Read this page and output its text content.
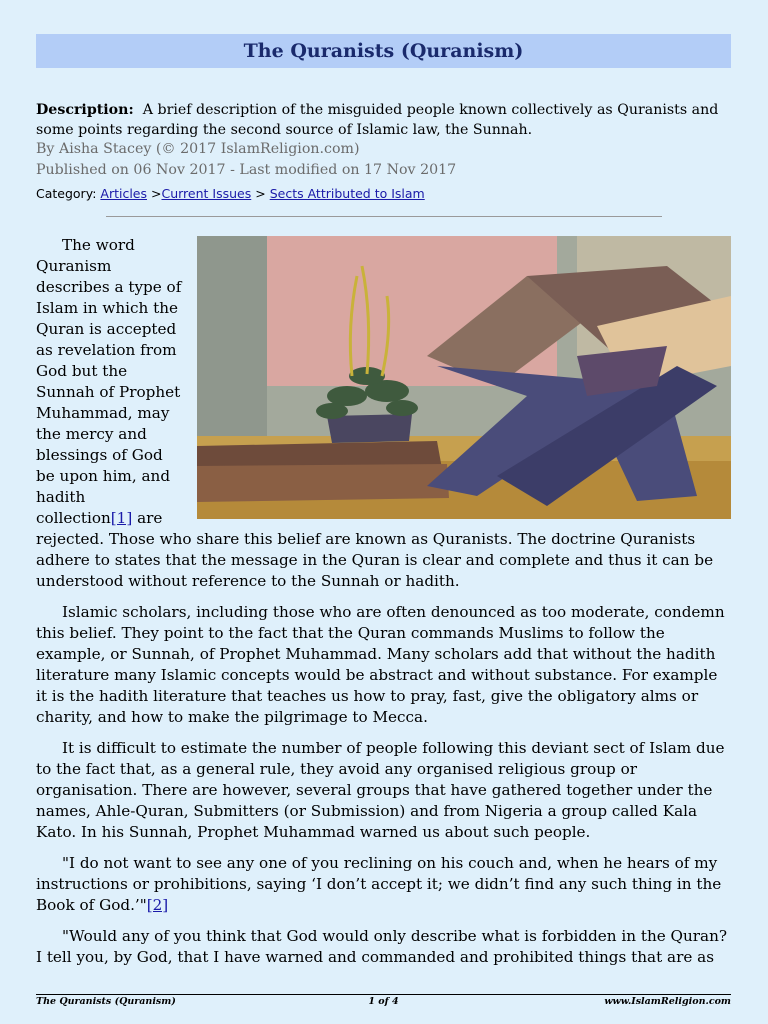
The Quranists (Quranism)
Description: A brief description of the misguided people known collectively as Quranists and some points regarding the second source of Islamic law, the Sunnah.
By Aisha Stacey (© 2017 IslamReligion.com)
Published on 06 Nov 2017 - Last modified on 17 Nov 2017
Category: Articles >Current Issues > Sects Attributed to Islam

The word Quranism describes a type of Islam in which the Quran is accepted as revelation from God but the Sunnah of Prophet Muhammad, may the mercy and blessings of God be upon him, and hadith collection[1] are rejected. Those who share this belief are known as Quranists. The doctrine Quranists adhere to states that the message in the Quran is clear and complete and thus it can be understood without reference to the Sunnah or hadith.

Islamic scholars, including those who are often denounced as too moderate, condemn this belief. They point to the fact that the Quran commands Muslims to follow the example, or Sunnah, of Prophet Muhammad. Many scholars add that without the hadith literature many Islamic concepts would be abstract and without substance. For example it is the hadith literature that teaches us how to pray, fast, give the obligatory alms or charity, and how to make the pilgrimage to Mecca.

It is difficult to estimate the number of people following this deviant sect of Islam due to the fact that, as a general rule, they avoid any organised religious group or organisation. There are however, several groups that have gathered together under the names, Ahle-Quran, Submitters (or Submission) and from Nigeria a group called Kala Kato. In his Sunnah, Prophet Muhammad warned us about such people.

"I do not want to see any one of you reclining on his couch and, when he hears of my instructions or prohibitions, saying ‘I don’t accept it; we didn’t find any such thing in the Book of God.’"[2]

"Would any of you think that God would only describe what is forbidden in the Quran? I tell you, by God, that I have warned and commanded and prohibited things that are as

The Quranists (Quranism)	1 of 4	www.IslamReligion.com
